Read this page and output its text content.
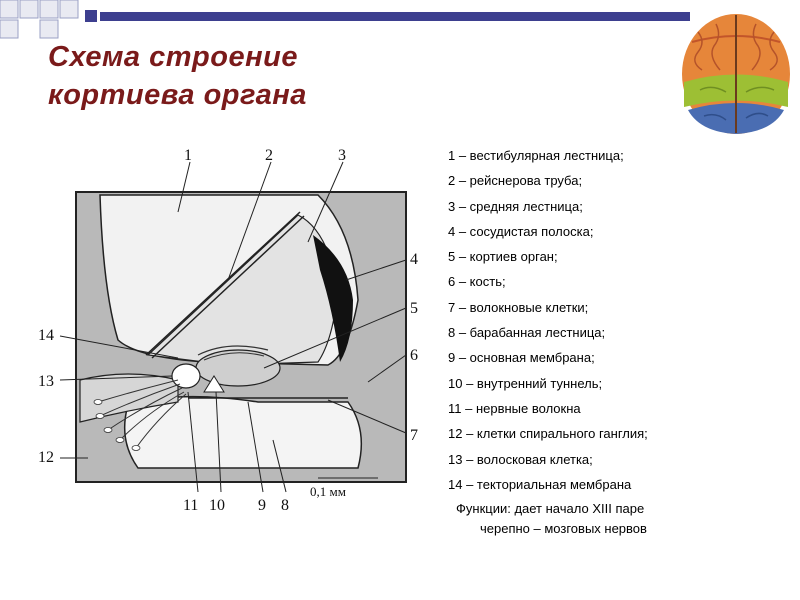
Схема строение
кортиева органа
1	2	3
4
5
6
7
8
9
10
11
12
13
14
0,1 мм
1 – вестибулярная лестница;
2 – рейснерова труба;
3 – средняя лестница;
4 – сосудистая полоска;
5 – кортиев орган;
6 – кость;
7 – волокновые клетки;
8 – барабанная лестница;
9 – основная мембрана;
10 – внутренний туннель;
11 – нервные волокна
12 – клетки спирального ганглия;
13 – волосковая клетка;
14 – текториальная мембрана
Функции: дает начало XIII паре
черепно – мозговых нервов
